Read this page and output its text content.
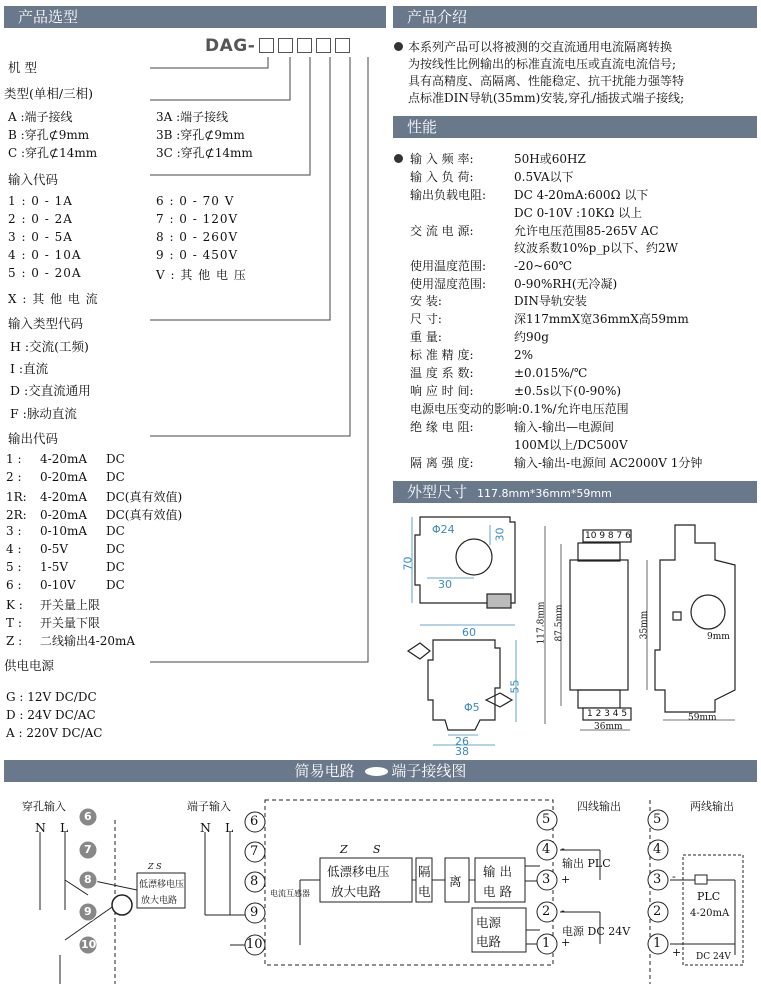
产品选型	产品介绍
性能
外型尺寸 117.8mm*36mm*59mm
简易电路 端子接线图
DAG-
机 型
类型(单相/三相)
A :端子接线
B :穿孔⊄9mm
C :穿孔⊄14mm
3A :端子接线
3B :穿孔⊄9mm
3C :穿孔⊄14mm
输入代码
1 : 0 - 1A
2 : 0 - 2A
3 : 0 - 5A
4 : 0 - 10A
5 : 0 - 20A
6 : 0 - 70 V
7 : 0 - 120V
8 : 0 - 260V
9 : 0 - 450V
V : 其 他 电 压
X : 其 他 电 流
输入类型代码
H :交流(工频)
I :直流
D :交直流通用
F :脉动直流
输出代码
1 : 4-20mA DC
2 : 0-20mA DC
1R: 4-20mA DC(真有效值)
2R: 0-20mA DC(真有效值)
3 : 0-10mA DC
4 : 0-5V	DC
5 : 1-5V	DC
6 : 0-10V	DC
K : 开关量上限
T : 开关量下限
Z : 二线输出4-20mA
供电电源
G : 12V DC/DC
D : 24V DC/AC
A : 220V DC/AC
本系列产品可以将被测的交直流通用电流隔离转换
为按线性比例输出的标准直流电压或直流电流信号;
具有高精度、高隔离、性能稳定、抗干扰能力强等特
点标准DIN导轨(35mm)安装,穿孔/插拔式端子接线;
输 入 频 率:	50H或60HZ
输 入 负 荷:	0.5VA以下
输出负载电阻: DC 4-20mA:600Ω 以下
DC 0-10V :10KΩ 以上
交 流 电 源:	允许电压范围85-265V AC
纹波系数10%p_p以下、约2W
使用温度范围: -20~60℃
使用湿度范围: 0-90%RH(无冷凝)
安 装:	DIN导轨安装
尺 寸:	深117mmX宽36mmX高59mm
重 量:	约90g
标 准 精 度:	2%
温 度 系 数:	±0.015%/℃
响 应 时 间:	±0.5s以下(0-90%)
电源电压变动的影响:0.1%/允许电压范围
绝 缘 电 阻:	输入-输出—电源间
100M以上/DC500V
隔 离 强 度:	输入-输出-电源间 AC2000V 1分钟
Φ24	30
70
30
60
Φ5
55
26
38
10 9 8 7 6
1 2 3 4 5
117.8mm 87.5mm
36mm
35mm	9mm
59mm
6
7
8
9
10
6
7
8
9
10
5
4
3
2
1
5
4
3
2
1
穿孔输入
N L
Z S
低漂移电压
放大电路
端子输入
N L
电流互感器
Z S
低漂移电压
放大电路
隔
电
离
输 出
电 路
电源
电路
四线输出
输出 PLC
电源 DC 24V
-
+
-
+
两线输出
PLC
4-20mA
DC 24V
-
+
